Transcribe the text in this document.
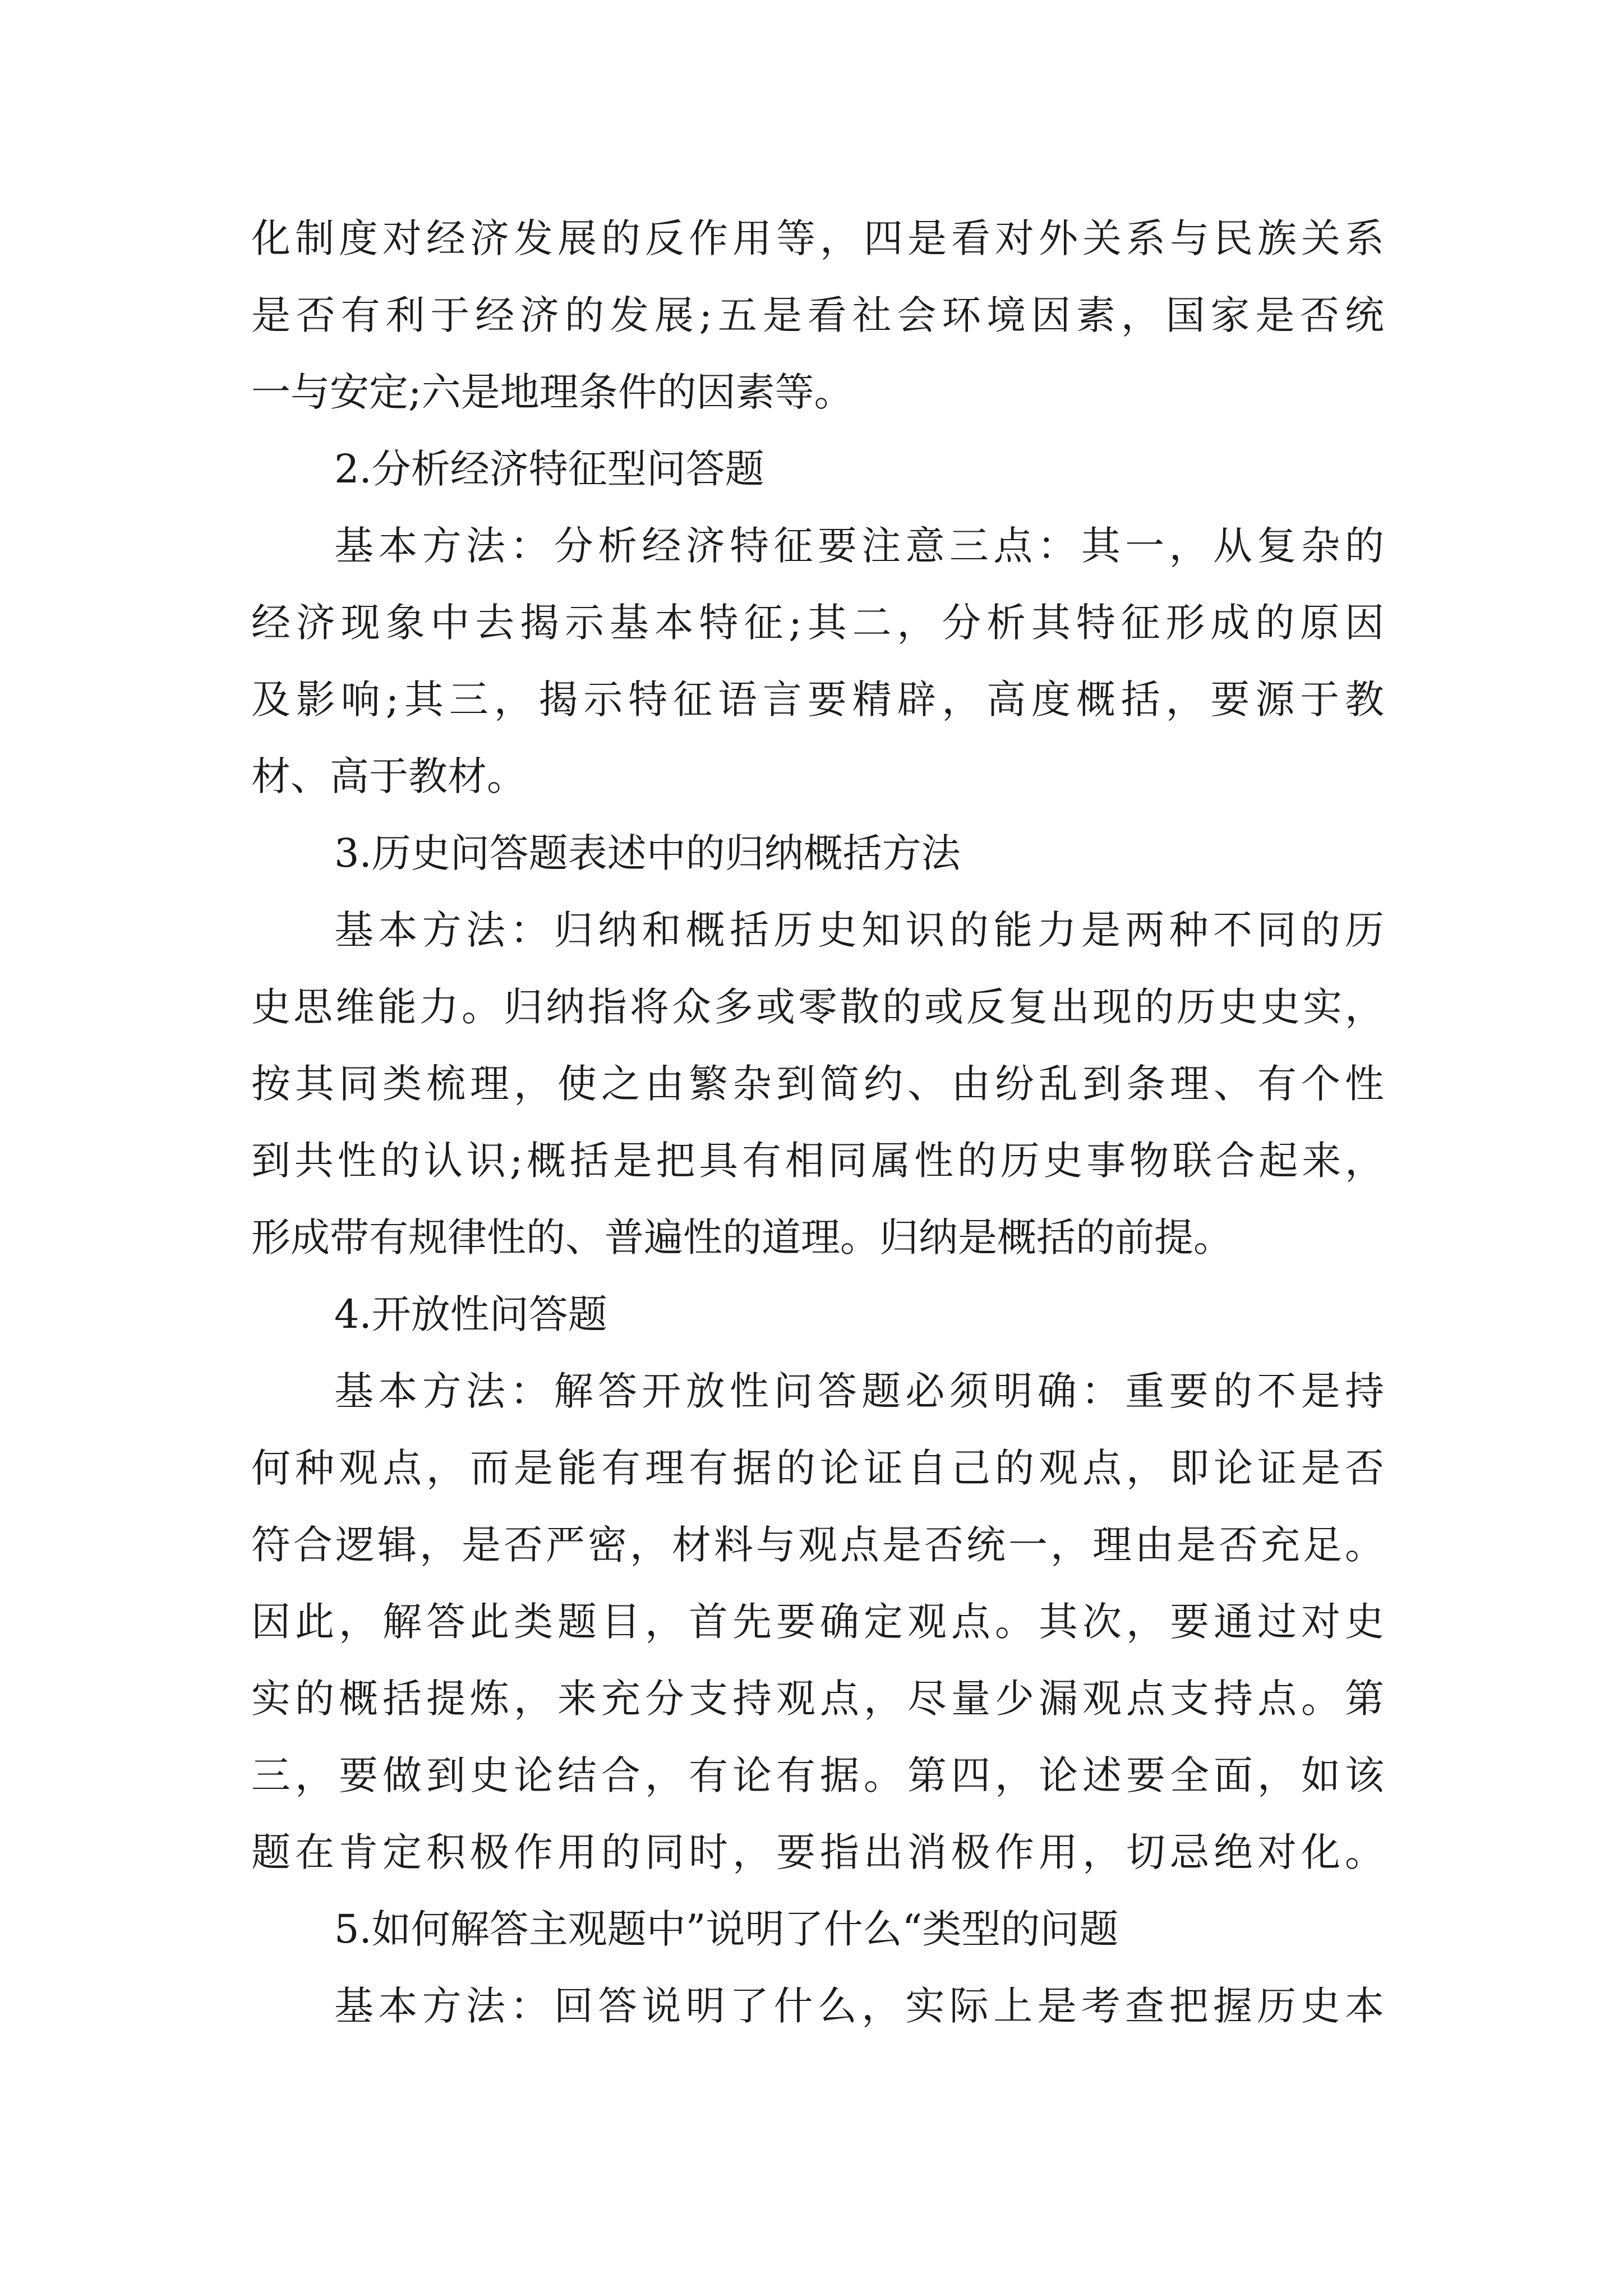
化制度对经济发展的反作用等，四是看对外关系与民族关系
是否有利于经济的发展;五是看社会环境因素，国家是否统
一与安定;六是地理条件的因素等。
2.分析经济特征型问答题
基本方法：分析经济特征要注意三点：其一，从复杂的
经济现象中去揭示基本特征;其二，分析其特征形成的原因
及影响;其三，揭示特征语言要精辟，高度概括，要源于教
材、高于教材。
3.历史问答题表述中的归纳概括方法
基本方法：归纳和概括历史知识的能力是两种不同的历
史思维能力。归纳指将众多或零散的或反复出现的历史史实，
按其同类梳理，使之由繁杂到简约、由纷乱到条理、有个性
到共性的认识;概括是把具有相同属性的历史事物联合起来，
形成带有规律性的、普遍性的道理。归纳是概括的前提。
4.开放性问答题
基本方法：解答开放性问答题必须明确：重要的不是持
何种观点，而是能有理有据的论证自己的观点，即论证是否
符合逻辑，是否严密，材料与观点是否统一，理由是否充足。
因此，解答此类题目，首先要确定观点。其次，要通过对史
实的概括提炼，来充分支持观点，尽量少漏观点支持点。第
三，要做到史论结合，有论有据。第四，论述要全面，如该
题在肯定积极作用的同时，要指出消极作用，切忌绝对化。
5.如何解答主观题中”说明了什么“类型的问题
基本方法：回答说明了什么，实际上是考查把握历史本
